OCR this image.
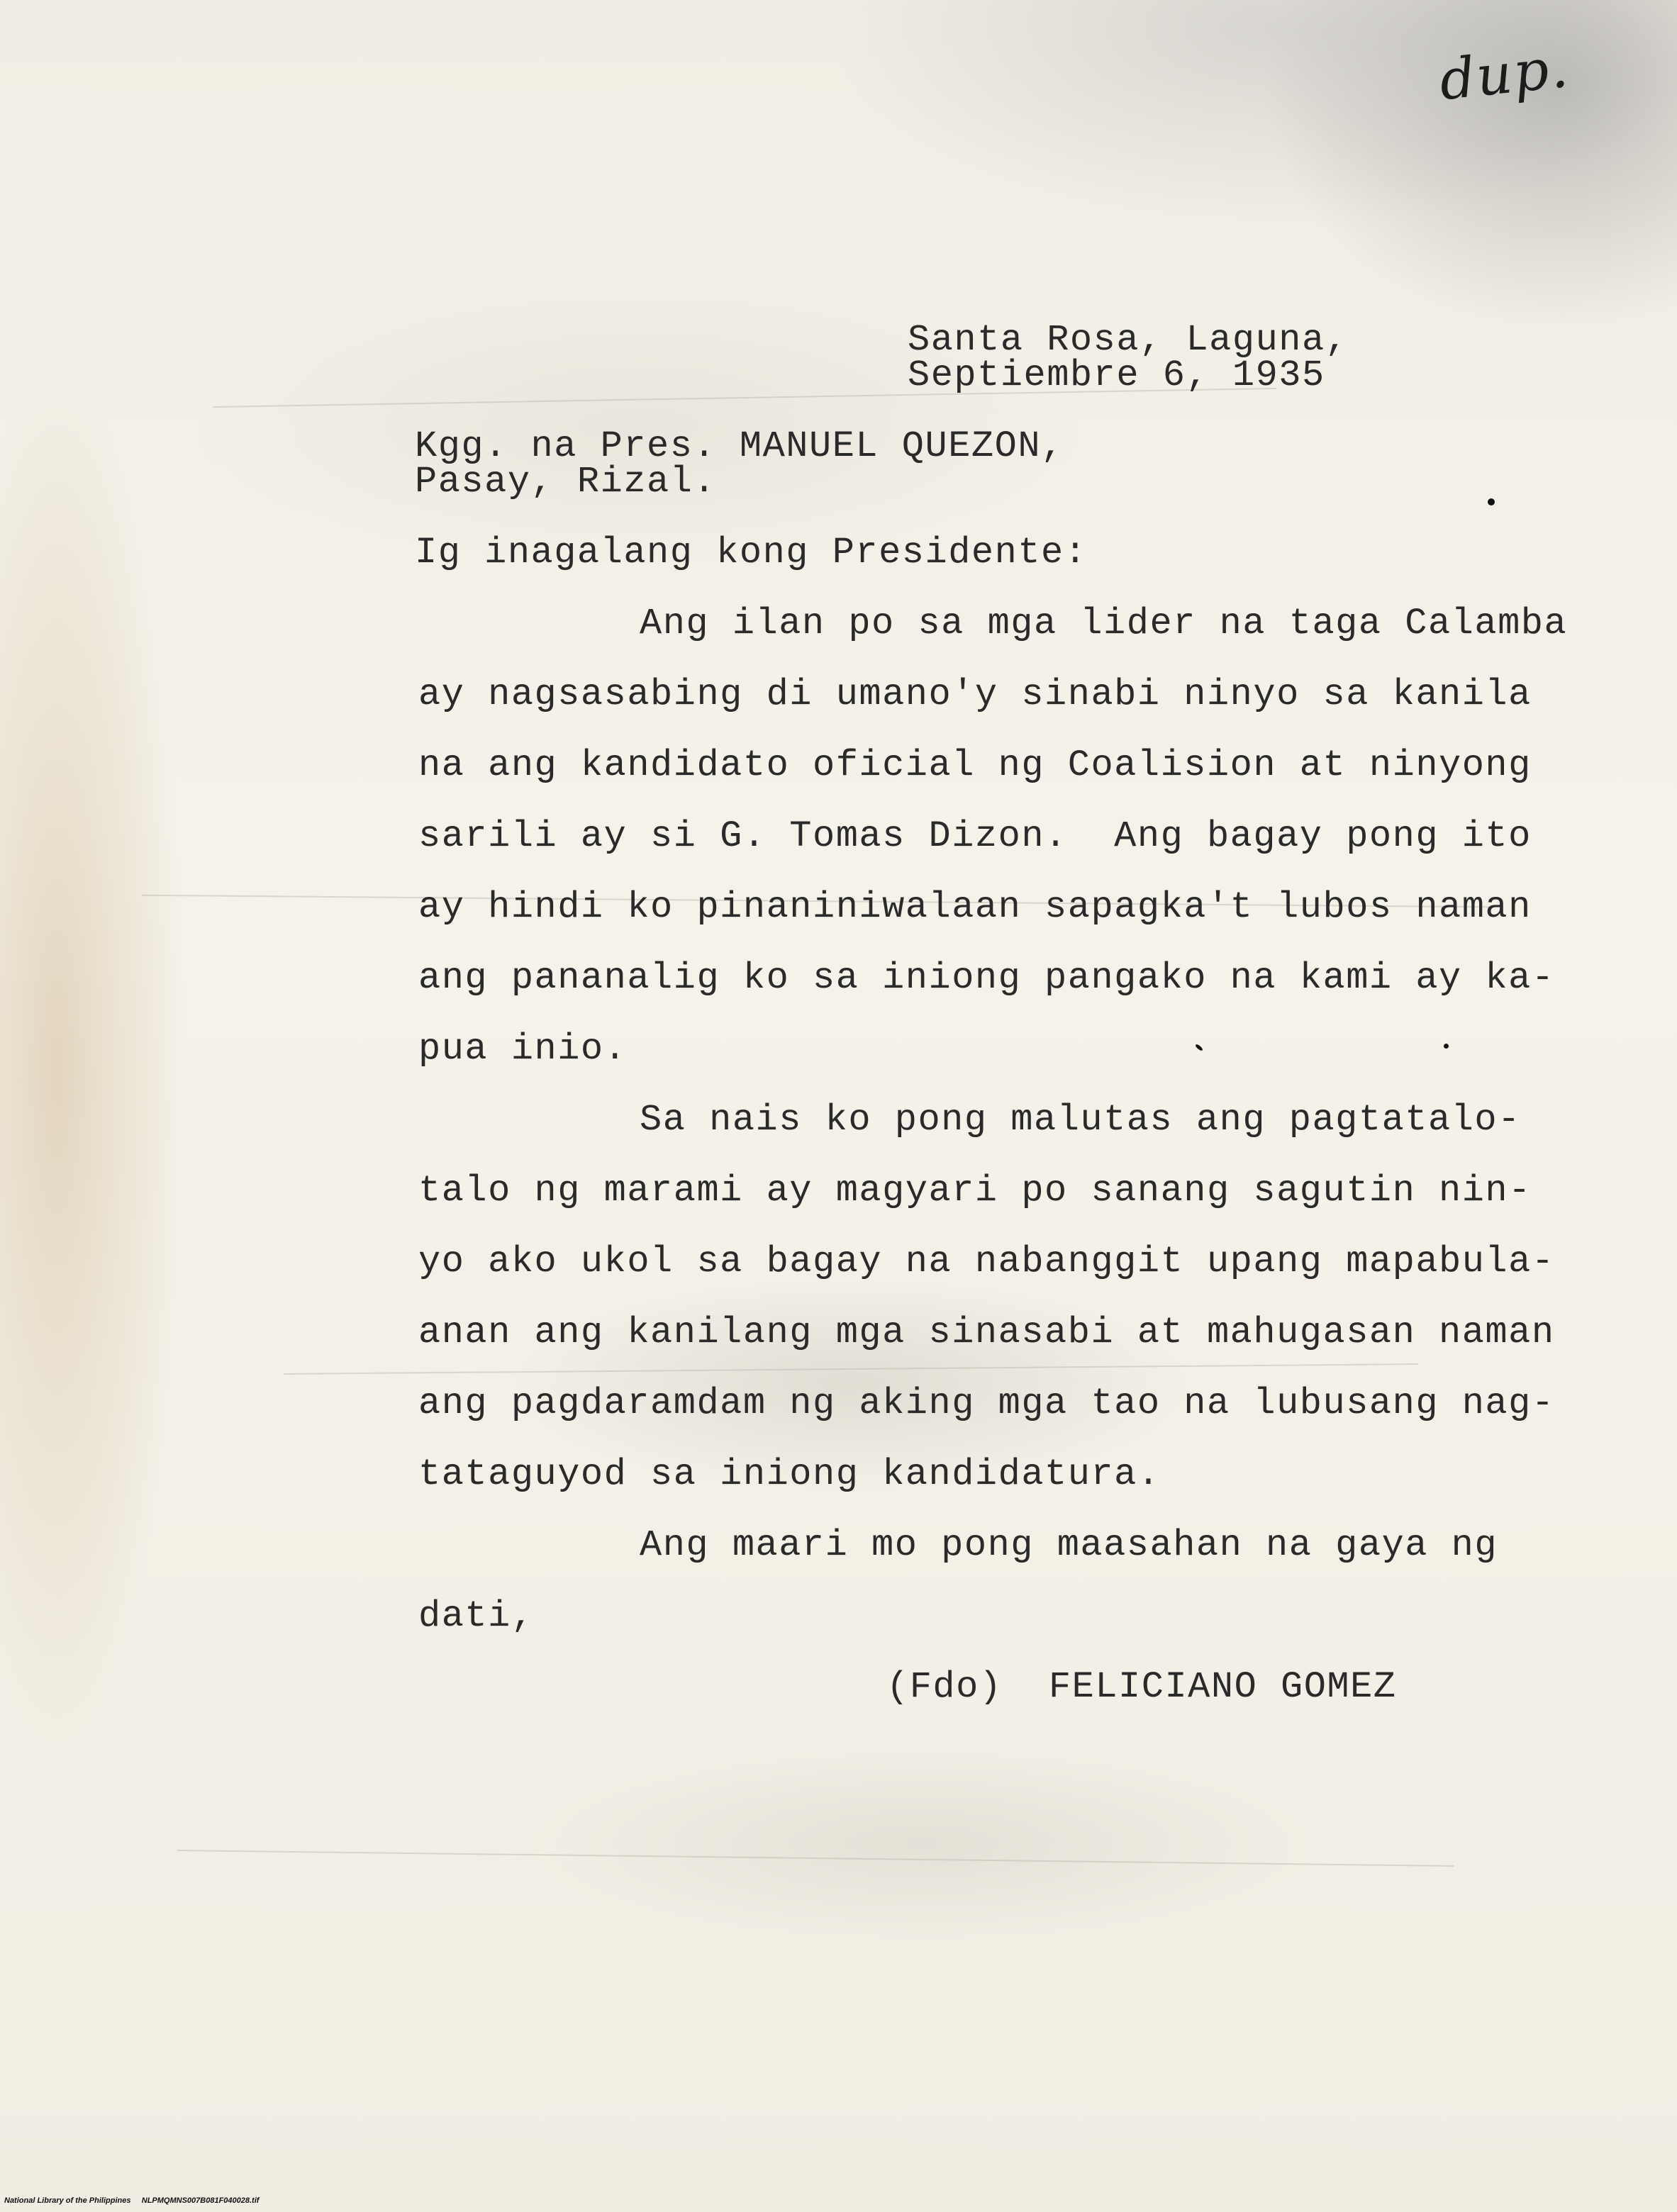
dup.
Santa Rosa, Laguna,
Septiembre 6, 1935
Kgg. na Pres. MANUEL QUEZON,
Pasay, Rizal.
Ig inagalang kong Presidente:
Ang ilan po sa mga lider na taga Calamba
ay nagsasabing di umano'y sinabi ninyo sa kanila
na ang kandidato oficial ng Coalision at ninyong
sarili ay si G. Tomas Dizon.  Ang bagay pong ito
ay hindi ko pinaniniwalaan sapagka't lubos naman
ang pananalig ko sa iniong pangako na kami ay ka-
pua inio.
Sa nais ko pong malutas ang pagtatalo-
talo ng marami ay magyari po sanang sagutin nin-
yo ako ukol sa bagay na nabanggit upang mapabula-
anan ang kanilang mga sinasabi at mahugasan naman
ang pagdaramdam ng aking mga tao na lubusang nag-
tataguyod sa iniong kandidatura.
Ang maari mo pong maasahan na gaya ng
dati,
(Fdo)  FELICIANO GOMEZ
National Library of the Philippines NLPMQMNS007B081F040028.tif
